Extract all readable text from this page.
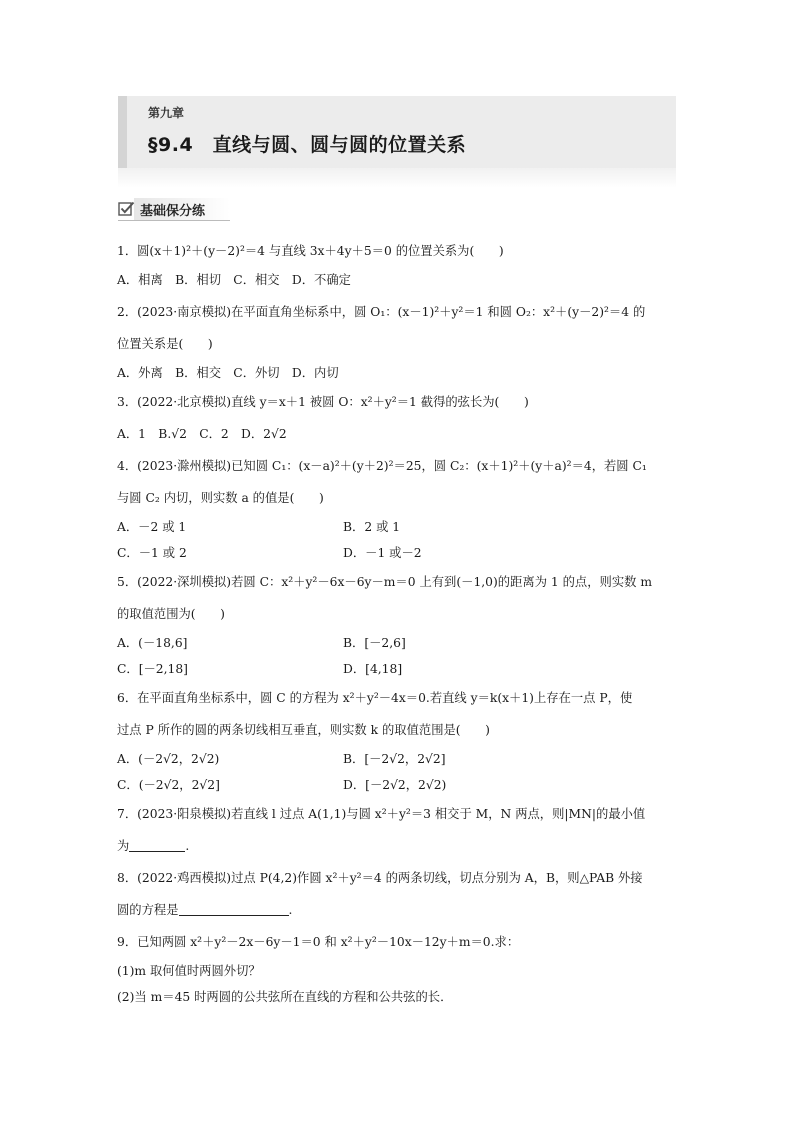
第九章
§9.4　直线与圆、圆与圆的位置关系
基础保分练
1．圆(x＋1)²＋(y－2)²＝4 与直线 3x＋4y＋5＝0 的位置关系为(　　)
A．相离　B．相切　C．相交　D．不确定
2．(2023·南京模拟)在平面直角坐标系中，圆 O₁：(x－1)²＋y²＝1 和圆 O₂：x²＋(y－2)²＝4 的
位置关系是(　　)
A．外离　B．相交　C．外切　D．内切
3．(2022·北京模拟)直线 y＝x＋1 被圆 O：x²＋y²＝1 截得的弦长为(　　)
A．1　B.√2　C．2　D．2√2
4．(2023·滁州模拟)已知圆 C₁：(x－a)²＋(y＋2)²＝25，圆 C₂：(x＋1)²＋(y＋a)²＝4，若圆 C₁
与圆 C₂ 内切，则实数 a 的值是(　　)
A．－2 或 1	B．2 或 1
C．－1 或 2	D．－1 或－2
5．(2022·深圳模拟)若圆 C：x²＋y²－6x－6y－m＝0 上有到(－1,0)的距离为 1 的点，则实数 m
的取值范围为(　　)
A．(－18,6]	B．[－2,6]
C．[－2,18]	D．[4,18]
6．在平面直角坐标系中，圆 C 的方程为 x²＋y²－4x＝0.若直线 y＝k(x＋1)上存在一点 P，使
过点 P 所作的圆的两条切线相互垂直，则实数 k 的取值范围是(　　)
A．(－2√2，2√2)	B．[－2√2，2√2]
C．(－2√2，2√2]	D．[－2√2，2√2)
7．(2023·阳泉模拟)若直线 l 过点 A(1,1)与圆 x²＋y²＝3 相交于 M，N 两点，则|MN|的最小值
为	.
8．(2022·鸡西模拟)过点 P(4,2)作圆 x²＋y²＝4 的两条切线，切点分别为 A，B，则△PAB 外接
圆的方程是	.
9．已知两圆 x²＋y²－2x－6y－1＝0 和 x²＋y²－10x－12y＋m＝0.求：
(1)m 取何值时两圆外切？
(2)当 m＝45 时两圆的公共弦所在直线的方程和公共弦的长．
